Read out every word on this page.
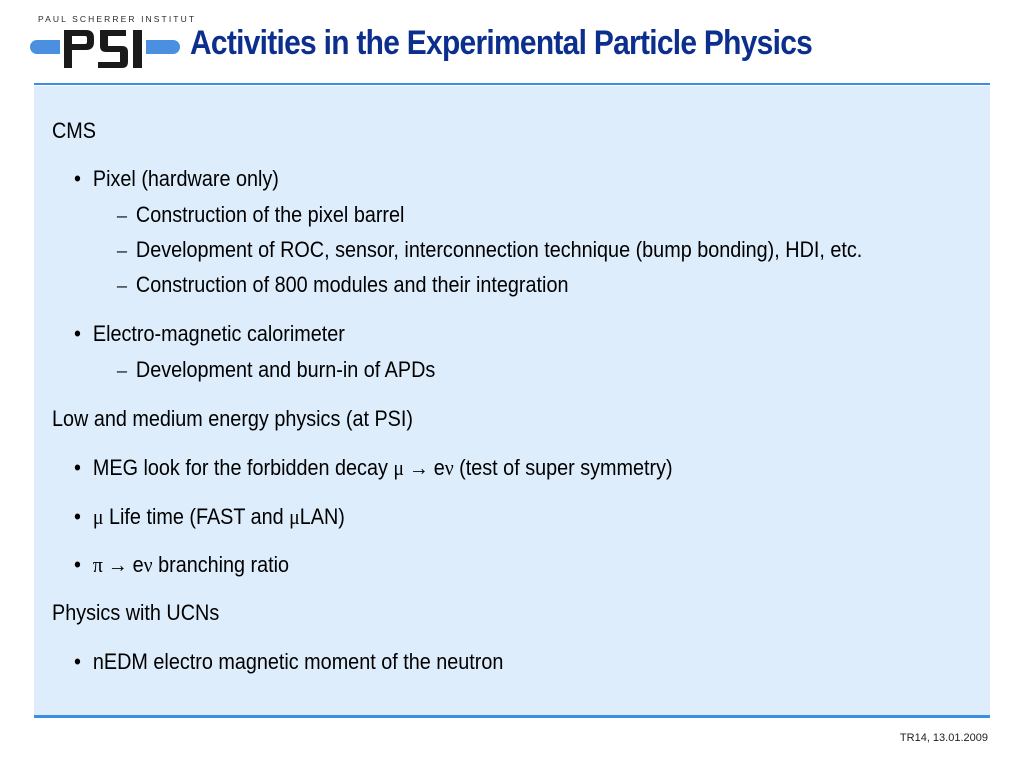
PAUL SCHERRER INSTITUT
Activities in the Experimental Particle Physics
CMS
• Pixel (hardware only)
– Construction of the pixel barrel
– Development of ROC, sensor, interconnection technique (bump bonding), HDI, etc.
– Construction of 800 modules and their integration
• Electro-magnetic calorimeter
– Development and burn-in of APDs
Low and medium energy physics (at PSI)
• MEG look for the forbidden decay μ → eν (test of super symmetry)
• μ Life time (FAST and μLAN)
• π → eν branching ratio
Physics with UCNs
• nEDM electro magnetic moment of the neutron
TR14, 13.01.2009
